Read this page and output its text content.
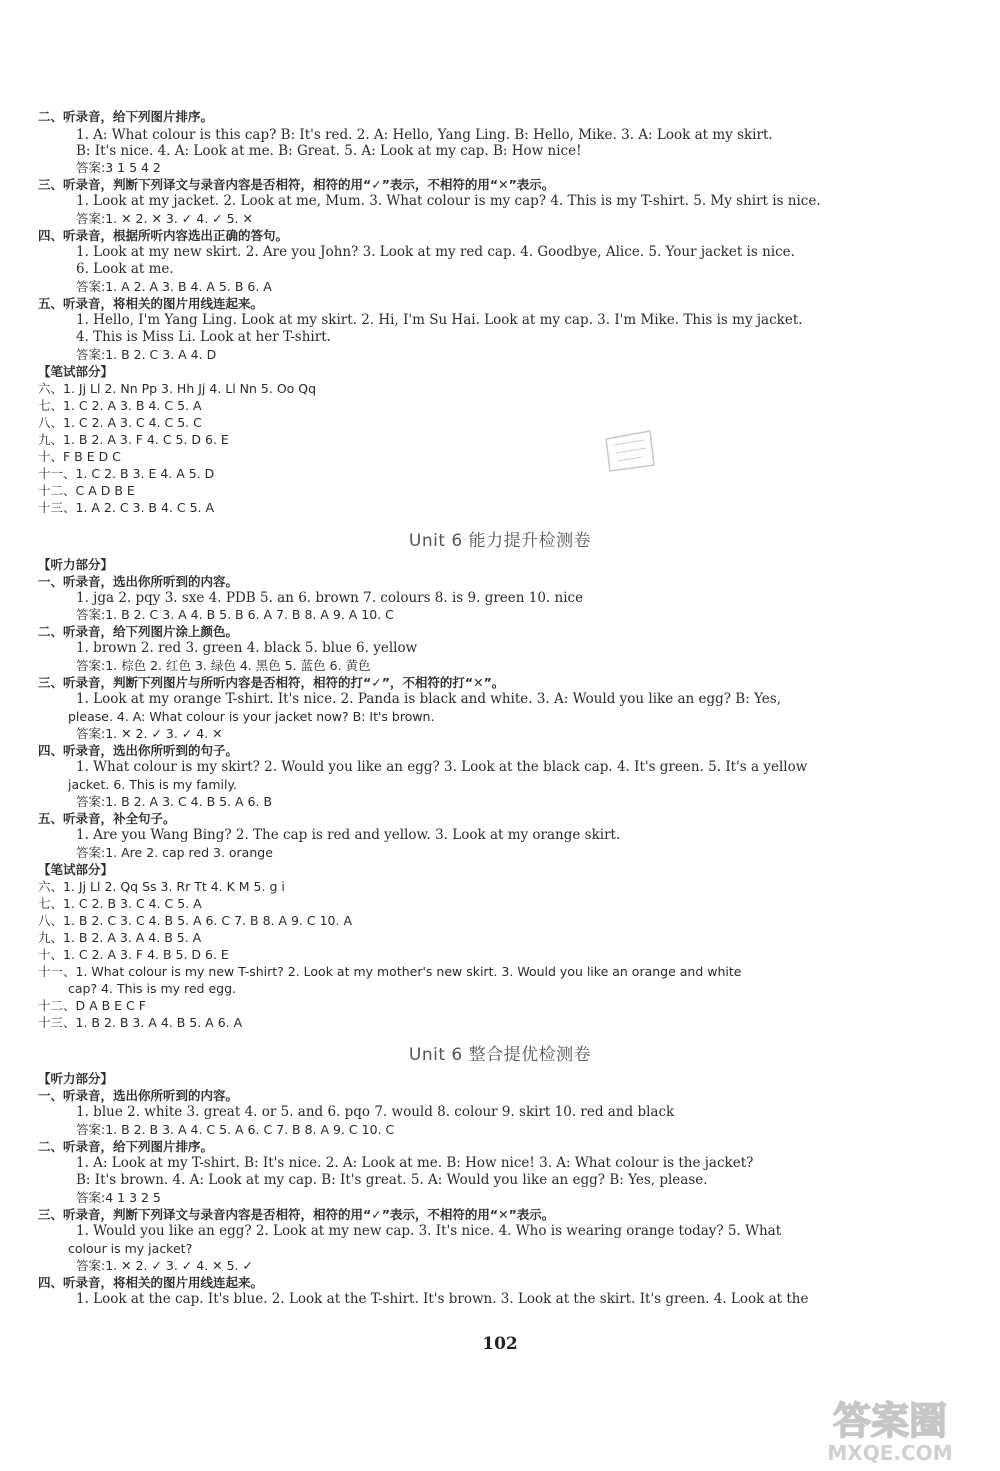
二、听录音，给下列图片排序。
1. A: What colour is this cap? B: It's red. 2. A: Hello, Yang Ling. B: Hello, Mike. 3. A: Look at my skirt.
B: It's nice. 4. A: Look at me. B: Great. 5. A: Look at my cap. B: How nice!
答案:3 1 5 4 2
三、听录音，判断下列译文与录音内容是否相符，相符的用“✓”表示，不相符的用“✕”表示。
1. Look at my jacket. 2. Look at me, Mum. 3. What colour is my cap? 4. This is my T-shirt. 5. My shirt is nice.
答案:1. ✕ 2. ✕ 3. ✓ 4. ✓ 5. ✕
四、听录音，根据所听内容选出正确的答句。
1. Look at my new skirt. 2. Are you John? 3. Look at my red cap. 4. Goodbye, Alice. 5. Your jacket is nice.
6. Look at me.
答案:1. A 2. A 3. B 4. A 5. B 6. A
五、听录音，将相关的图片用线连起来。
1. Hello, I'm Yang Ling. Look at my skirt. 2. Hi, I'm Su Hai. Look at my cap. 3. I'm Mike. This is my jacket.
4. This is Miss Li. Look at her T-shirt.
答案:1. B 2. C 3. A 4. D
【笔试部分】
六、1. Jj Ll 2. Nn Pp 3. Hh Jj 4. Ll Nn 5. Oo Qq
七、1. C 2. A 3. B 4. C 5. A
八、1. C 2. A 3. C 4. C 5. C
九、1. B 2. A 3. F 4. C 5. D 6. E
十、F B E D C
十一、1. C 2. B 3. E 4. A 5. D
十二、C A D B E
十三、1. A 2. C 3. B 4. C 5. A
Unit 6 能力提升检测卷
【听力部分】
一、听录音，选出你所听到的内容。
1. jga 2. pqy 3. sxe 4. PDB 5. an 6. brown 7. colours 8. is 9. green 10. nice
答案:1. B 2. C 3. A 4. B 5. B 6. A 7. B 8. A 9. A 10. C
二、听录音，给下列图片涂上颜色。
1. brown 2. red 3. green 4. black 5. blue 6. yellow
答案:1. 棕色 2. 红色 3. 绿色 4. 黑色 5. 蓝色 6. 黄色
三、听录音，判断下列图片与所听内容是否相符，相符的打“✓”，不相符的打“✕”。
1. Look at my orange T-shirt. It's nice. 2. Panda is black and white. 3. A: Would you like an egg? B: Yes,
please. 4. A: What colour is your jacket now? B: It's brown.
答案:1. ✕ 2. ✓ 3. ✓ 4. ✕
四、听录音，选出你所听到的句子。
1. What colour is my skirt? 2. Would you like an egg? 3. Look at the black cap. 4. It's green. 5. It's a yellow
jacket. 6. This is my family.
答案:1. B 2. A 3. C 4. B 5. A 6. B
五、听录音，补全句子。
1. Are you Wang Bing? 2. The cap is red and yellow. 3. Look at my orange skirt.
答案:1. Are 2. cap red 3. orange
【笔试部分】
六、1. Jj Ll 2. Qq Ss 3. Rr Tt 4. K M 5. g i
七、1. C 2. B 3. C 4. C 5. A
八、1. B 2. C 3. C 4. B 5. A 6. C 7. B 8. A 9. C 10. A
九、1. B 2. A 3. A 4. B 5. A
十、1. C 2. A 3. F 4. B 5. D 6. E
十一、1. What colour is my new T-shirt? 2. Look at my mother's new skirt. 3. Would you like an orange and white
cap? 4. This is my red egg.
十二、D A B E C F
十三、1. B 2. B 3. A 4. B 5. A 6. A
Unit 6 整合提优检测卷
【听力部分】
一、听录音，选出你所听到的内容。
1. blue 2. white 3. great 4. or 5. and 6. pqo 7. would 8. colour 9. skirt 10. red and black
答案:1. B 2. B 3. A 4. C 5. A 6. C 7. B 8. A 9. C 10. C
二、听录音，给下列图片排序。
1. A: Look at my T-shirt. B: It's nice. 2. A: Look at me. B: How nice! 3. A: What colour is the jacket?
B: It's brown. 4. A: Look at my cap. B: It's great. 5. A: Would you like an egg? B: Yes, please.
答案:4 1 3 2 5
三、听录音，判断下列译文与录音内容是否相符，相符的用“✓”表示，不相符的用“✕”表示。
1. Would you like an egg? 2. Look at my new cap. 3. It's nice. 4. Who is wearing orange today? 5. What
colour is my jacket?
答案:1. ✕ 2. ✓ 3. ✓ 4. ✕ 5. ✓
四、听录音，将相关的图片用线连起来。
1. Look at the cap. It's blue. 2. Look at the T-shirt. It's brown. 3. Look at the skirt. It's green. 4. Look at the
102
答案圈
MXQE.COM
